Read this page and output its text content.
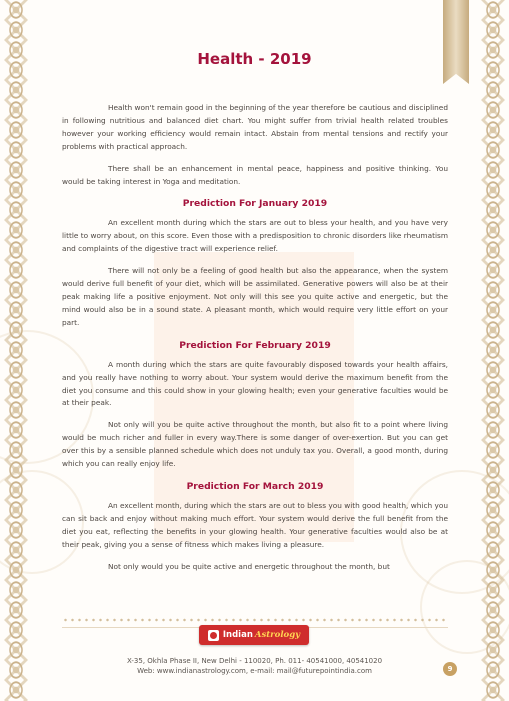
Health - 2019

Health won't remain good in the beginning of the year therefore be cautious and disciplined in following nutritious and balanced diet chart. You might suffer from trivial health related troubles however your working efficiency would remain intact. Abstain from mental tensions and rectify your problems with practical approach.

There shall be an enhancement in mental peace, happiness and positive thinking. You would be taking interest in Yoga and meditation.

Prediction For January 2019

An excellent month during which the stars are out to bless your health, and you have very little to worry about, on this score. Even those with a predisposition to chronic disorders like rheumatism and complaints of the digestive tract will experience relief.

There will not only be a feeling of good health but also the appearance, when the system would derive full benefit of your diet, which will be assimilated. Generative powers will also be at their peak making life a positive enjoyment. Not only will this see you quite active and energetic, but the mind would also be in a sound state. A pleasant month, which would require very little effort on your part.

Prediction For February 2019

A month during which the stars are quite favourably disposed towards your health affairs, and you really have nothing to worry about. Your system would derive the maximum benefit from the diet you consume and this could show in your glowing health; even your generative faculties would be at their peak.

Not only will you be quite active throughout the month, but also fit to a point where living would be much richer and fuller in every way.There is some danger of over-exertion. But you can get over this by a sensible planned schedule which does not unduly tax you. Overall, a good month, during which you can really enjoy life.

Prediction For March 2019

An excellent month, during which the stars are out to bless you with good health, which you can sit back and enjoy without making much effort. Your system would derive the full benefit from the diet you eat, reflecting the benefits in your glowing health. Your generative faculties would also be at their peak, giving you a sense of fitness which makes living a pleasure.

Not only would you be quite active and energetic throughout the month, but

Indian Astrology
X-35, Okhla Phase II, New Delhi - 110020, Ph. 011- 40541000, 40541020
Web: www.indianastrology.com, e-mail: mail@futurepointindia.com	9
